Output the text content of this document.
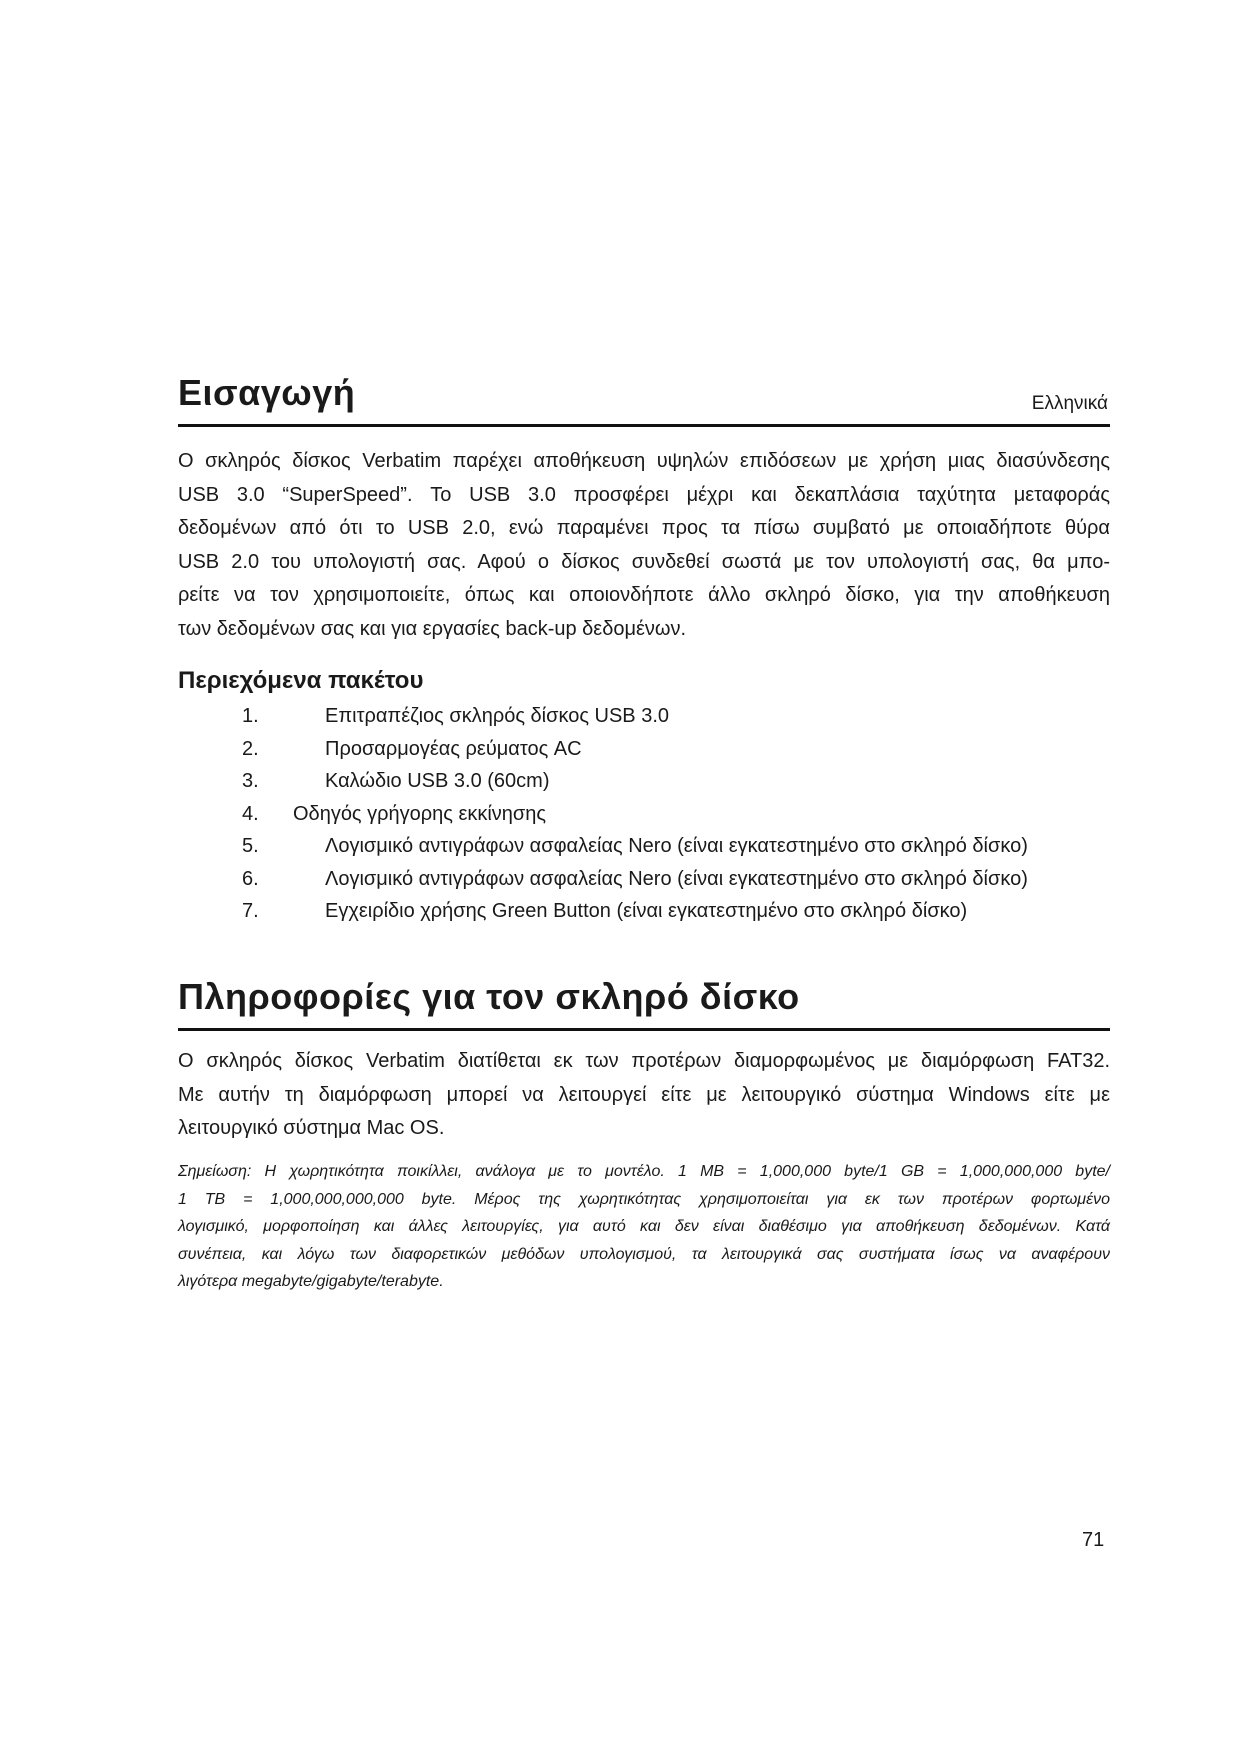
Εισαγωγή	Ελληνικά
Ο σκληρός δίσκος Verbatim παρέχει αποθήκευση υψηλών επιδόσεων με χρήση μιας διασύνδεσης
USB 3.0 “SuperSpeed”. Το USB 3.0 προσφέρει μέχρι και δεκαπλάσια ταχύτητα μεταφοράς
δεδομένων από ότι το USB 2.0, ενώ παραμένει προς τα πίσω συμβατό με οποιαδήποτε θύρα
USB 2.0 του υπολογιστή σας. Αφού ο δίσκος συνδεθεί σωστά με τον υπολογιστή σας, θα μπο-
ρείτε να τον χρησιμοποιείτε, όπως και οποιονδήποτε άλλο σκληρό δίσκο, για την αποθήκευση
των δεδομένων σας και για εργασίες back-up δεδομένων.
Περιεχόμενα πακέτου
1.	Επιτραπέζιος σκληρός δίσκος USB 3.0
2.	Προσαρμογέας ρεύματος AC
3.	Καλώδιο USB 3.0 (60cm)
4.	Οδηγός γρήγορης εκκίνησης
5.	Λογισμικό αντιγράφων ασφαλείας Nero (είναι εγκατεστημένο στο σκληρό δίσκο)
6.	Λογισμικό αντιγράφων ασφαλείας Nero (είναι εγκατεστημένο στο σκληρό δίσκο)
7.	Εγχειρίδιο χρήσης Green Button (είναι εγκατεστημένο στο σκληρό δίσκο)
Πληροφορίες για τον σκληρό δίσκο
Ο σκληρός δίσκος Verbatim διατίθεται εκ των προτέρων διαμορφωμένος με διαμόρφωση FAT32.
Με αυτήν τη διαμόρφωση μπορεί να λειτουργεί είτε με λειτουργικό σύστημα Windows είτε με
λειτουργικό σύστημα Mac OS.
Σημείωση: Η χωρητικότητα ποικίλλει, ανάλογα με το μοντέλο. 1 MB = 1,000,000 byte/1 GB = 1,000,000,000 byte/
1 TB = 1,000,000,000,000 byte. Μέρος της χωρητικότητας χρησιμοποιείται για εκ των προτέρων φορτωμένο
λογισμικό, μορφοποίηση και άλλες λειτουργίες, για αυτό και δεν είναι διαθέσιμο για αποθήκευση δεδομένων. Κατά
συνέπεια, και λόγω των διαφορετικών μεθόδων υπολογισμού, τα λειτουργικά σας συστήματα ίσως να αναφέρουν
λιγότερα megabyte/gigabyte/terabyte.
71
